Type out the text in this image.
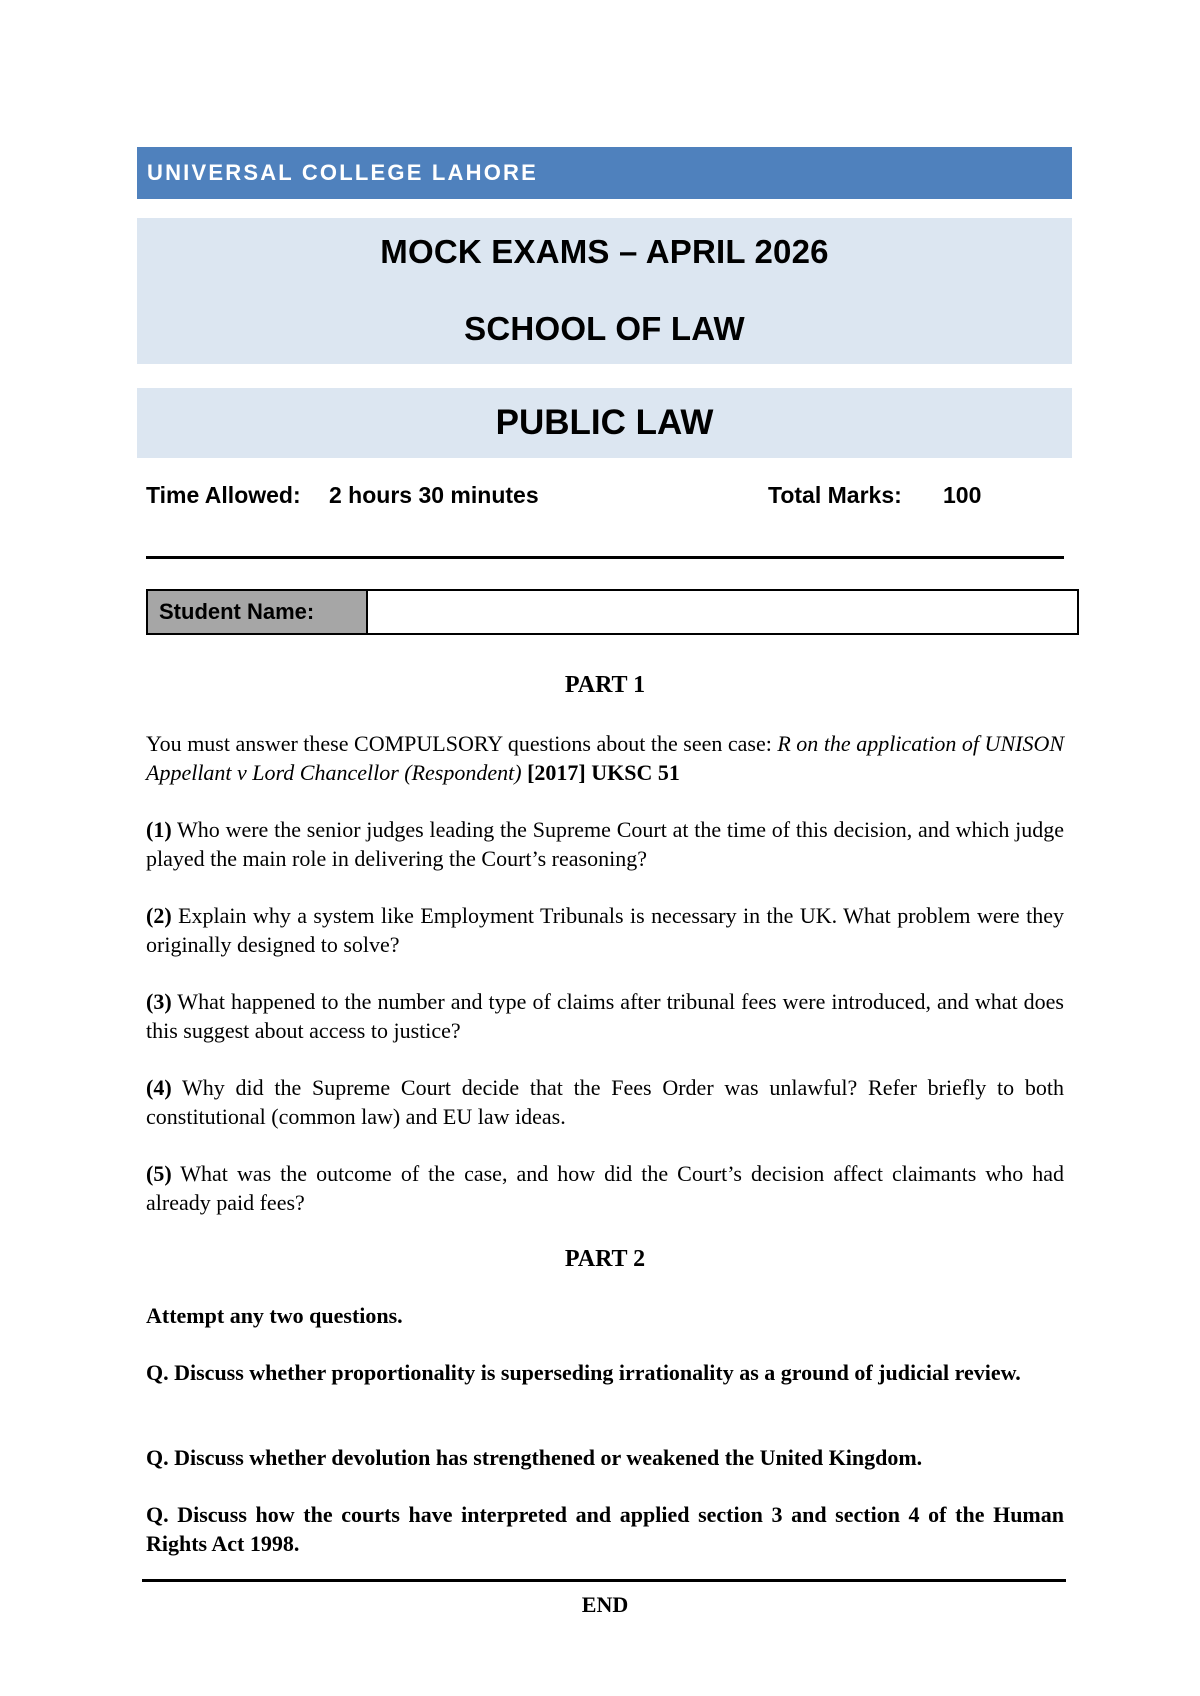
UNIVERSAL COLLEGE LAHORE
MOCK EXAMS – APRIL 2026
SCHOOL OF LAW
PUBLIC LAW
Time Allowed: 2 hours 30 minutes	Total Marks: 100
Student Name:
PART 1

You must answer these COMPULSORY questions about the seen case: R on the application of UNISON Appellant v Lord Chancellor (Respondent) [2017] UKSC 51

(1) Who were the senior judges leading the Supreme Court at the time of this decision, and which judge played the main role in delivering the Court’s reasoning?

(2) Explain why a system like Employment Tribunals is necessary in the UK. What problem were they originally designed to solve?

(3) What happened to the number and type of claims after tribunal fees were introduced, and what does this suggest about access to justice?

(4) Why did the Supreme Court decide that the Fees Order was unlawful? Refer briefly to both constitutional (common law) and EU law ideas.

(5) What was the outcome of the case, and how did the Court’s decision affect claimants who had already paid fees?

PART 2
Attempt any two questions.
Q. Discuss whether proportionality is superseding irrationality as a ground of judicial review.
Q. Discuss whether devolution has strengthened or weakened the United Kingdom.
Q. Discuss how the courts have interpreted and applied section 3 and section 4 of the Human Rights Act 1998.
END
